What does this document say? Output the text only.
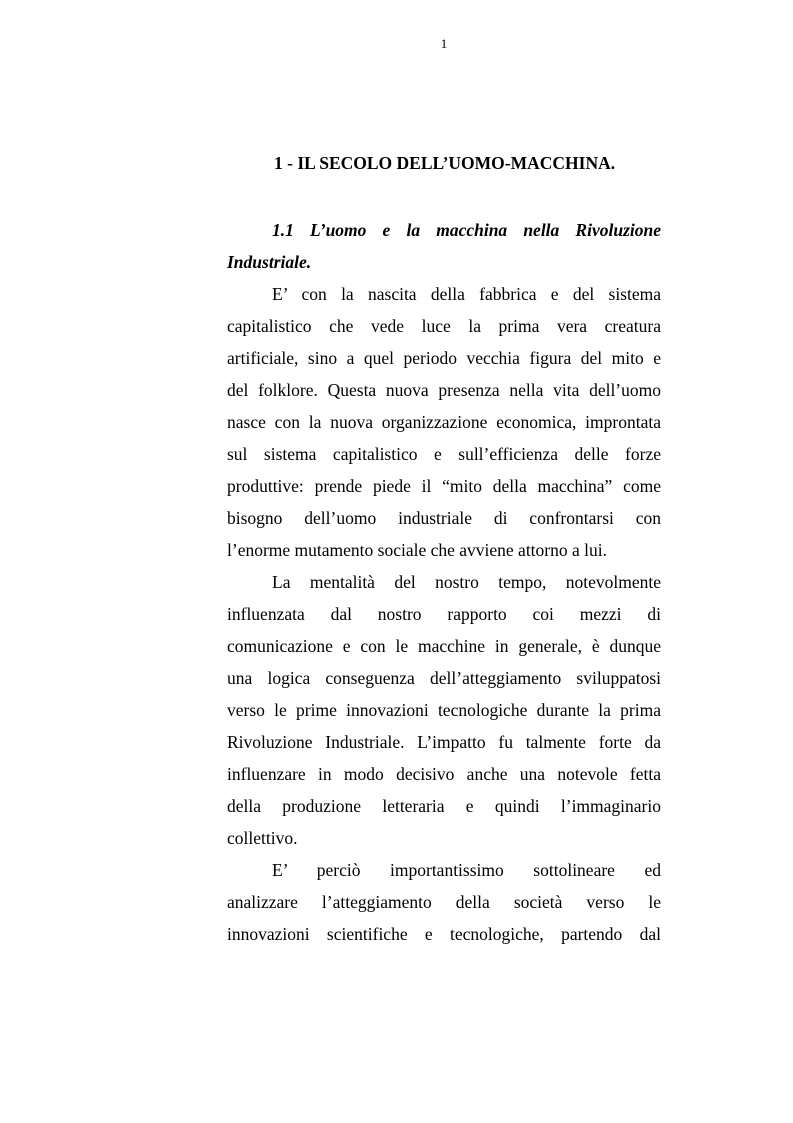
1
1 - IL SECOLO DELL’UOMO-MACCHINA.
1.1 L’uomo e la macchina nella Rivoluzione
Industriale.
E’ con la nascita della fabbrica e del sistema
capitalistico che vede luce la prima vera creatura
artificiale, sino a quel periodo vecchia figura del mito e
del folklore. Questa nuova presenza nella vita dell’uomo
nasce con la nuova organizzazione economica, improntata
sul sistema capitalistico e sull’efficienza delle forze
produttive: prende piede il “mito della macchina” come
bisogno dell’uomo industriale di confrontarsi con
l’enorme mutamento sociale che avviene attorno a lui.
La mentalità del nostro tempo, notevolmente
influenzata dal nostro rapporto coi mezzi di
comunicazione e con le macchine in generale, è dunque
una logica conseguenza dell’atteggiamento sviluppatosi
verso le prime innovazioni tecnologiche durante la prima
Rivoluzione Industriale. L’impatto fu talmente forte da
influenzare in modo decisivo anche una notevole fetta
della produzione letteraria e quindi l’immaginario
collettivo.
E’ perciò importantissimo sottolineare ed
analizzare l’atteggiamento della società verso le
innovazioni scientifiche e tecnologiche, partendo dal
